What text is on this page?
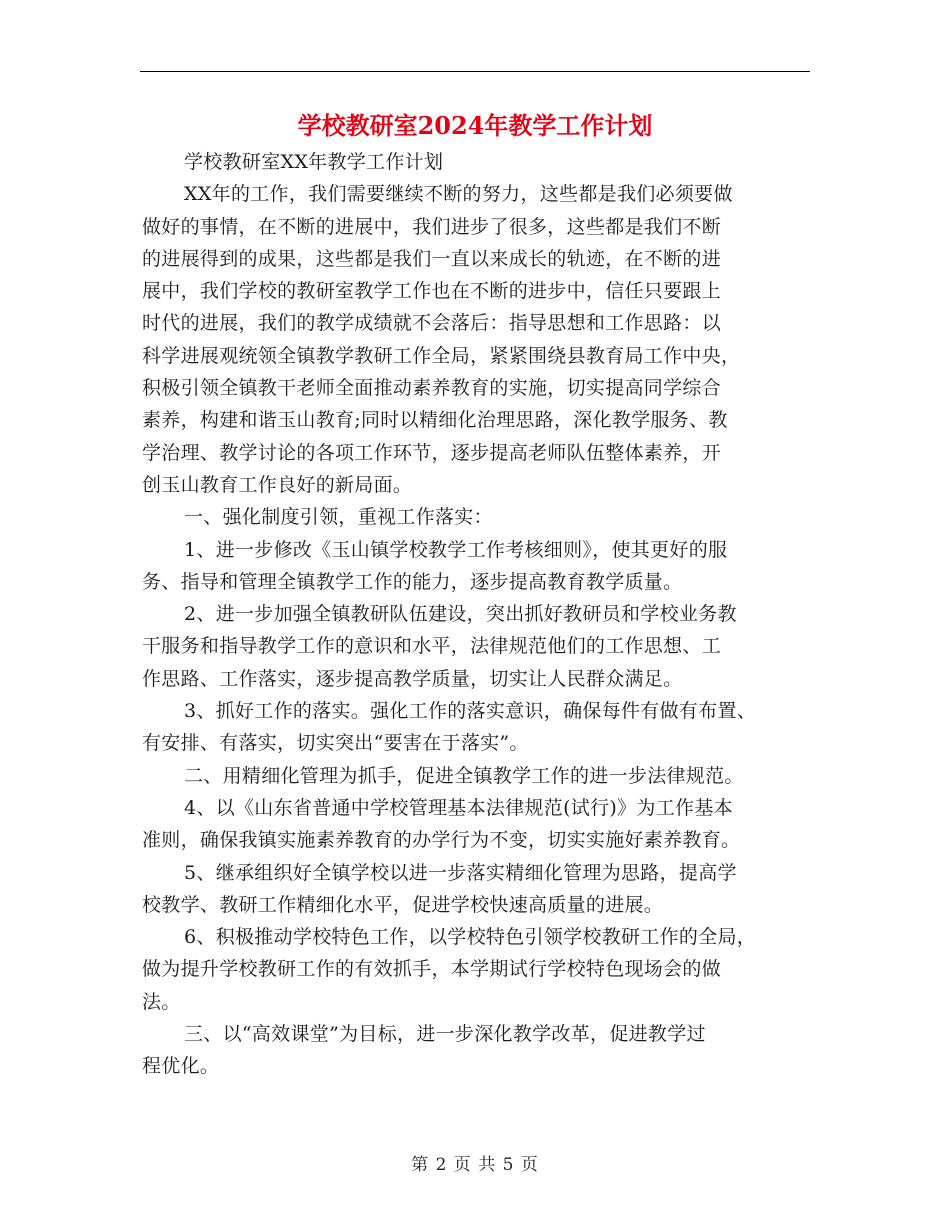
学校教研室2024年教学工作计划
学校教研室XX年教学工作计划
XX年的工作，我们需要继续不断的努力，这些都是我们必须要做
做好的事情，在不断的进展中，我们进步了很多，这些都是我们不断
的进展得到的成果，这些都是我们一直以来成长的轨迹，在不断的进
展中，我们学校的教研室教学工作也在不断的进步中，信任只要跟上
时代的进展，我们的教学成绩就不会落后：指导思想和工作思路：以
科学进展观统领全镇教学教研工作全局，紧紧围绕县教育局工作中央，
积极引领全镇教干老师全面推动素养教育的实施，切实提高同学综合
素养，构建和谐玉山教育;同时以精细化治理思路，深化教学服务、教
学治理、教学讨论的各项工作环节，逐步提高老师队伍整体素养，开
创玉山教育工作良好的新局面。
一、强化制度引领，重视工作落实：
1、进一步修改《玉山镇学校教学工作考核细则》，使其更好的服
务、指导和管理全镇教学工作的能力，逐步提高教育教学质量。
2、进一步加强全镇教研队伍建设，突出抓好教研员和学校业务教
干服务和指导教学工作的意识和水平，法律规范他们的工作思想、工
作思路、工作落实，逐步提高教学质量，切实让人民群众满足。
3、抓好工作的落实。强化工作的落实意识，确保每件有做有布置、
有安排、有落实，切实突出“要害在于落实”。
二、用精细化管理为抓手，促进全镇教学工作的进一步法律规范。
4、以《山东省普通中学校管理基本法律规范(试行)》为工作基本
准则，确保我镇实施素养教育的办学行为不变，切实实施好素养教育。
5、继承组织好全镇学校以进一步落实精细化管理为思路，提高学
校教学、教研工作精细化水平，促进学校快速高质量的进展。
6、积极推动学校特色工作，以学校特色引领学校教研工作的全局，
做为提升学校教研工作的有效抓手，本学期试行学校特色现场会的做
法。
三、以“高效课堂”为目标，进一步深化教学改革，促进教学过
程优化。
第 2 页 共 5 页
